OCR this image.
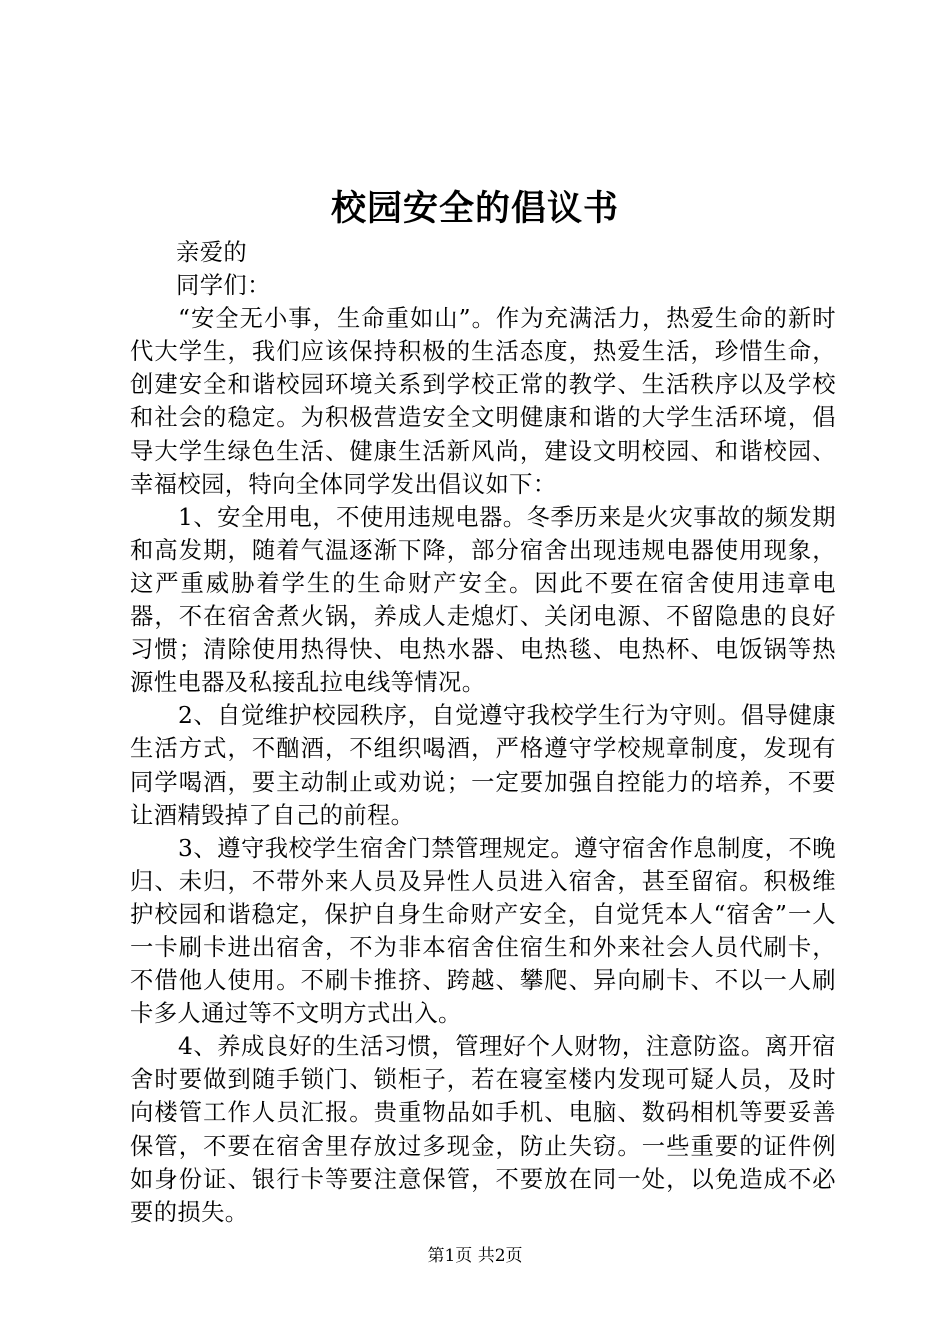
校园安全的倡议书

亲爱的

同学们：

“安全无小事，生命重如山”。作为充满活力，热爱生命的新时代大学生，我们应该保持积极的生活态度，热爱生活，珍惜生命，创建安全和谐校园环境关系到学校正常的教学、生活秩序以及学校和社会的稳定。为积极营造安全文明健康和谐的大学生活环境，倡导大学生绿色生活、健康生活新风尚，建设文明校园、和谐校园、幸福校园，特向全体同学发出倡议如下：

1、安全用电，不使用违规电器。冬季历来是火灾事故的频发期和高发期，随着气温逐渐下降，部分宿舍出现违规电器使用现象，这严重威胁着学生的生命财产安全。因此不要在宿舍使用违章电器，不在宿舍煮火锅，养成人走熄灯、关闭电源、不留隐患的良好习惯；清除使用热得快、电热水器、电热毯、电热杯、电饭锅等热源性电器及私接乱拉电线等情况。

2、自觉维护校园秩序，自觉遵守我校学生行为守则。倡导健康生活方式，不酗酒，不组织喝酒，严格遵守学校规章制度，发现有同学喝酒，要主动制止或劝说；一定要加强自控能力的培养，不要让酒精毁掉了自己的前程。

3、遵守我校学生宿舍门禁管理规定。遵守宿舍作息制度，不晚归、未归，不带外来人员及异性人员进入宿舍，甚至留宿。积极维护校园和谐稳定，保护自身生命财产安全，自觉凭本人“宿舍”一人一卡刷卡进出宿舍，不为非本宿舍住宿生和外来社会人员代刷卡，不借他人使用。不刷卡推挤、跨越、攀爬、异向刷卡、不以一人刷卡多人通过等不文明方式出入。

4、养成良好的生活习惯，管理好个人财物，注意防盗。离开宿舍时要做到随手锁门、锁柜子，若在寝室楼内发现可疑人员，及时向楼管工作人员汇报。贵重物品如手机、电脑、数码相机等要妥善保管，不要在宿舍里存放过多现金，防止失窃。一些重要的证件例如身份证、银行卡等要注意保管，不要放在同一处，以免造成不必要的损失。

第1页 共2页
